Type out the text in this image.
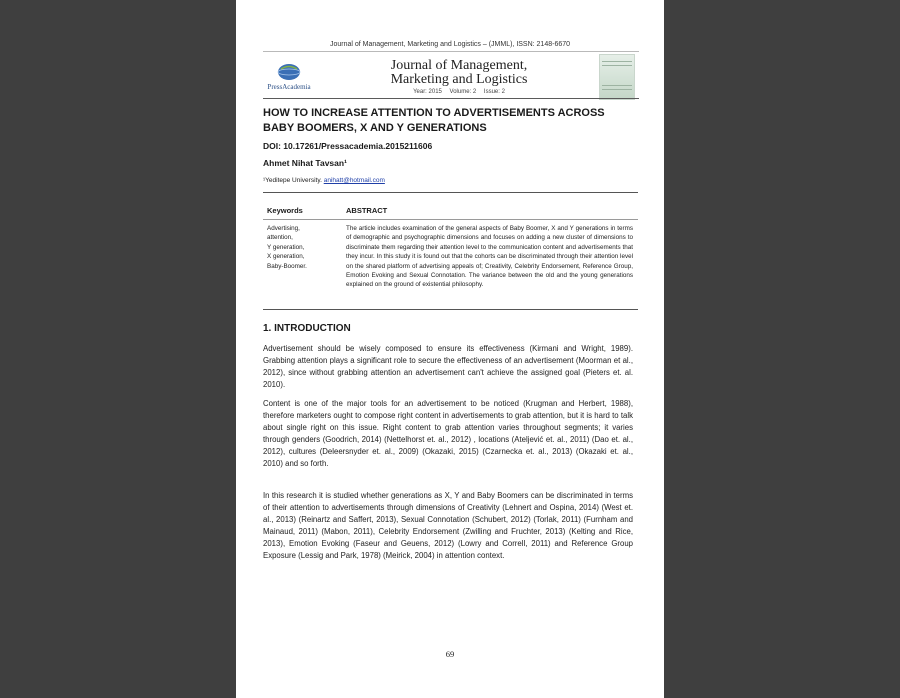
Journal of Management, Marketing and Logistics – (JMML), ISSN: 2148-6670
PressAcademia
Journal of Management,
Marketing and Logistics
Year: 2015 Volume: 2 Issue: 2
HOW TO INCREASE ATTENTION TO ADVERTISEMENTS ACROSS BABY BOOMERS, X AND Y GENERATIONS
DOI: 10.17261/Pressacademia.2015211606
Ahmet Nihat Tavsan¹
¹Yeditepe University. anihatt@hotmail.com
Keywords	ABSTRACT
Advertising,
attention,
Y generation,
X generation,
Baby-Boomer.
The article includes examination of the general aspects of Baby Boomer, X and Y generations in terms of demographic and psychographic dimensions and focuses on adding a new cluster of dimensions to discriminate them regarding their attention level to the communication content and advertisements that they incur. In this study it is found out that the cohorts can be discriminated through their attention level on the shared platform of advertising appeals of; Creativity, Celebrity Endorsement, Reference Group, Emotion Evoking and Sexual Connotation. The variance between the old and the young generations explained on the ground of existential philosophy.
1. INTRODUCTION
Advertisement should be wisely composed to ensure its effectiveness (Kirmani and Wright, 1989). Grabbing attention plays a significant role to secure the effectiveness of an advertisement (Moorman et al., 2012), since without grabbing attention an advertisement can't achieve the assigned goal (Pieters et. al. 2010).
Content is one of the major tools for an advertisement to be noticed (Krugman and Herbert, 1988), therefore marketers ought to compose right content in advertisements to grab attention, but it is hard to talk about single right on this issue. Right content to grab attention varies throughout segments; it varies through genders (Goodrich, 2014) (Nettelhorst et. al., 2012) , locations (Ateljević et. al., 2011) (Dao et. al., 2012), cultures (Deleersnyder et. al., 2009) (Okazaki, 2015) (Czarnecka et. al., 2013) (Okazaki et. al., 2010) and so forth.
In this research it is studied whether generations as X, Y and Baby Boomers can be discriminated in terms of their attention to advertisements through dimensions of Creativity (Lehnert and Ospina, 2014) (West et. al., 2013) (Reinartz and Saffert, 2013), Sexual Connotation (Schubert, 2012) (Torlak, 2011) (Furnham and Mainaud, 2011) (Mabon, 2011), Celebrity Endorsement (Zwilling and Fruchter, 2013) (Kelting and Rice, 2013), Emotion Evoking (Faseur and Geuens, 2012) (Lowry and Correll, 2011) and Reference Group Exposure (Lessig and Park, 1978) (Meirick, 2004) in attention context.
69
